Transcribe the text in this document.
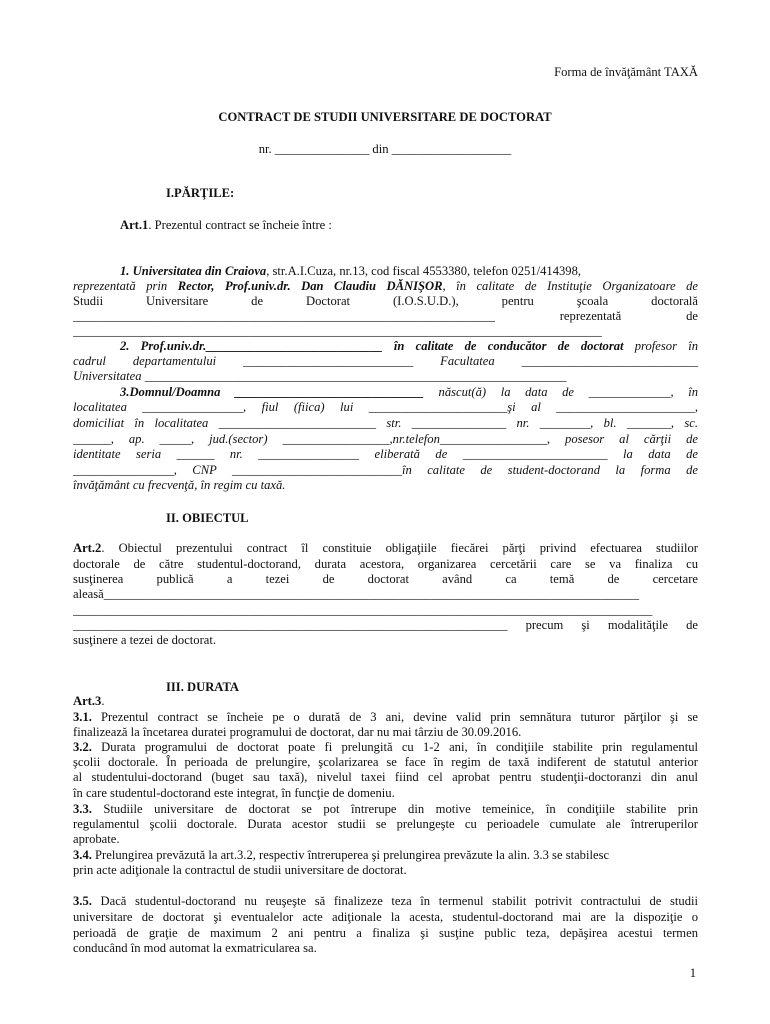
Forma de învăţământ TAXĂ
CONTRACT DE STUDII UNIVERSITARE DE DOCTORAT
nr. _______________ din ___________________
I.PĂRŢILE:
Art.1. Prezentul contract se încheie între :
1. Universitatea din Craiova, str.A.I.Cuza, nr.13, cod fiscal 4553380, telefon 0251/414398,
reprezentată prin Rector, Prof.univ.dr. Dan Claudiu DĂNIŞOR, în calitate de Instituţie Organizatoare de
Studii Universitare de Doctorat (I.O.S.U.D.), pentru şcoala doctorală
___________________________________________________________________ reprezentată de
____________________________________________________________________________________
2. Prof.univ.dr.____________________________ în calitate de conducător de doctorat profesor în
cadrul departamentului ___________________________ Facultatea ____________________________
Universitatea ___________________________________________________________________
3.Domnul/Doamna ______________________________ născut(ă) la data de _____________, în
localitatea ________________, fiul (fiica) lui ______________________şi al ______________________,
domiciliat în localitatea _________________________ str. _______________ nr. ________, bl. _______, sc.
______, ap. _____, jud.(sector) _________________,nr.telefon_________________, posesor al cărţii de
identitate seria ______ nr. ________________ eliberată de _______________________ la data de
________________, CNP ___________________________în calitate de student-doctorand la forma de
învăţământ cu frecvenţă, în regim cu taxă.
II. OBIECTUL
Art.2. Obiectul prezentului contract îl constituie obligaţiile fiecărei părţi privind efectuarea studiilor
doctorale de către studentul-doctorand, durata acestora, organizarea cercetării care se va finaliza cu
susţinerea publică a tezei de doctorat având ca temă de cercetare
aleasă_____________________________________________________________________________________
____________________________________________________________________________________________
_____________________________________________________________________ precum şi modalităţile de
susţinere a tezei de doctorat.
III. DURATA
Art.3.
3.1. Prezentul contract se încheie pe o durată de 3 ani, devine valid prin semnătura tuturor părţilor şi se
finalizează la încetarea duratei programului de doctorat, dar nu mai târziu de 30.09.2016.
3.2. Durata programului de doctorat poate fi prelungită cu 1-2 ani, în condiţiile stabilite prin regulamentul
şcolii doctorale. În perioada de prelungire, şcolarizarea se face în regim de taxă indiferent de statutul anterior
al studentului-doctorand (buget sau taxă), nivelul taxei fiind cel aprobat pentru studenţii-doctoranzi din anul
în care studentul-doctorand este integrat, în funcţie de domeniu.
3.3. Studiile universitare de doctorat se pot întrerupe din motive temeinice, în condiţiile stabilite prin
regulamentul şcolii doctorale. Durata acestor studii se prelungeşte cu perioadele cumulate ale întreruperilor
aprobate.
3.4. Prelungirea prevăzută la art.3.2, respectiv întreruperea şi prelungirea prevăzute la alin. 3.3 se stabilesc
prin acte adiţionale la contractul de studii universitare de doctorat.
3.5. Dacă studentul-doctorand nu reuşeşte să finalizeze teza în termenul stabilit potrivit contractului de studii
universitare de doctorat şi eventualelor acte adiţionale la acesta, studentul-doctorand mai are la dispoziţie o
perioadă de graţie de maximum 2 ani pentru a finaliza şi susţine public teza, depăşirea acestui termen
conducând în mod automat la exmatricularea sa.
1
